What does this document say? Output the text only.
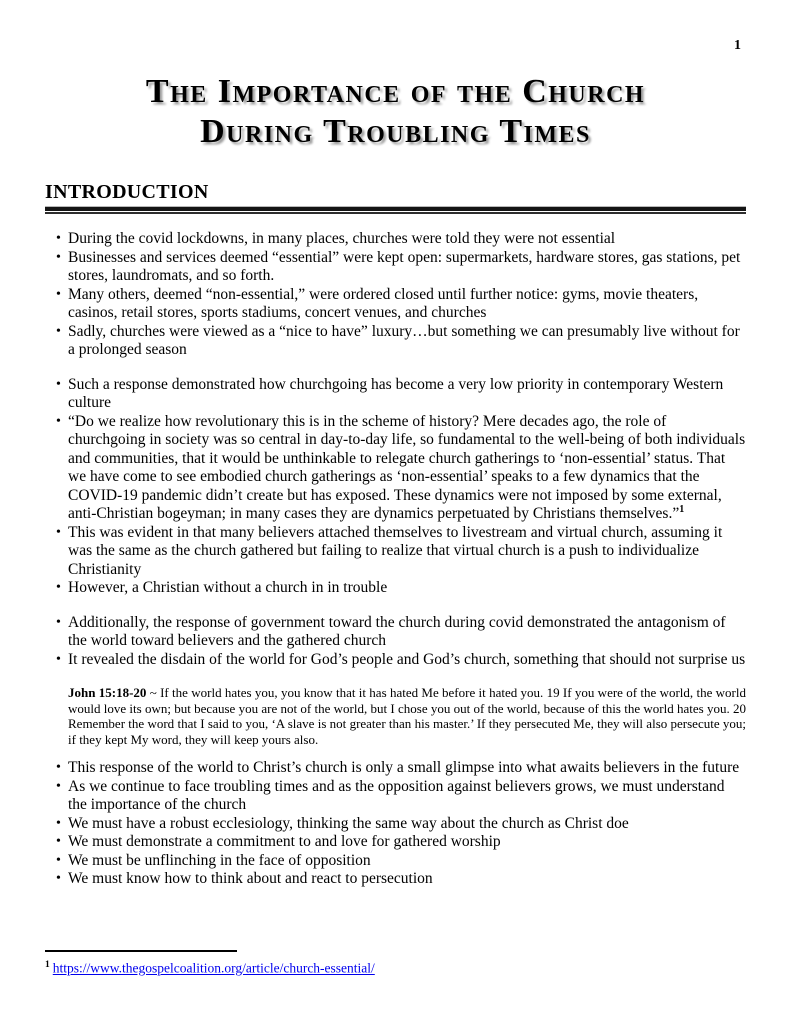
1
The Importance of the Church
During Troubling Times
INTRODUCTION
• During the covid lockdowns, in many places, churches were told they were not essential
• Businesses and services deemed “essential” were kept open: supermarkets, hardware stores, gas stations, pet stores, laundromats, and so forth.
• Many others, deemed “non-essential,” were ordered closed until further notice: gyms, movie theaters, casinos, retail stores, sports stadiums, concert venues, and churches
• Sadly, churches were viewed as a “nice to have” luxury…but something we can presumably live without for a prolonged season
• Such a response demonstrated how churchgoing has become a very low priority in contemporary Western culture
• “Do we realize how revolutionary this is in the scheme of history? Mere decades ago, the role of churchgoing in society was so central in day-to-day life, so fundamental to the well-being of both individuals and communities, that it would be unthinkable to relegate church gatherings to ‘non-essential’ status. That we have come to see embodied church gatherings as ‘non-essential’ speaks to a few dynamics that the COVID-19 pandemic didn’t create but has exposed. These dynamics were not imposed by some external, anti-Christian bogeyman; in many cases they are dynamics perpetuated by Christians themselves.”$^1$
• This was evident in that many believers attached themselves to livestream and virtual church, assuming it was the same as the church gathered but failing to realize that virtual church is a push to individualize Christianity
• However, a Christian without a church in in trouble
• Additionally, the response of government toward the church during covid demonstrated the antagonism of the world toward believers and the gathered church
• It revealed the disdain of the world for God’s people and God’s church, something that should not surprise us

John 15:18-20 ~ If the world hates you, you know that it has hated Me before it hated you. 19 If you were of the world, the world would love its own; but because you are not of the world, but I chose you out of the world, because of this the world hates you. 20 Remember the word that I said to you, ‘A slave is not greater than his master.’ If they persecuted Me, they will also persecute you; if they kept My word, they will keep yours also.

• This response of the world to Christ’s church is only a small glimpse into what awaits believers in the future
• As we continue to face troubling times and as the opposition against believers grows, we must understand the importance of the church
• We must have a robust ecclesiology, thinking the same way about the church as Christ doe
• We must demonstrate a commitment to and love for gathered worship
• We must be unflinching in the face of opposition
• We must know how to think about and react to persecution
$^1$ https://www.thegospelcoalition.org/article/church-essential/
